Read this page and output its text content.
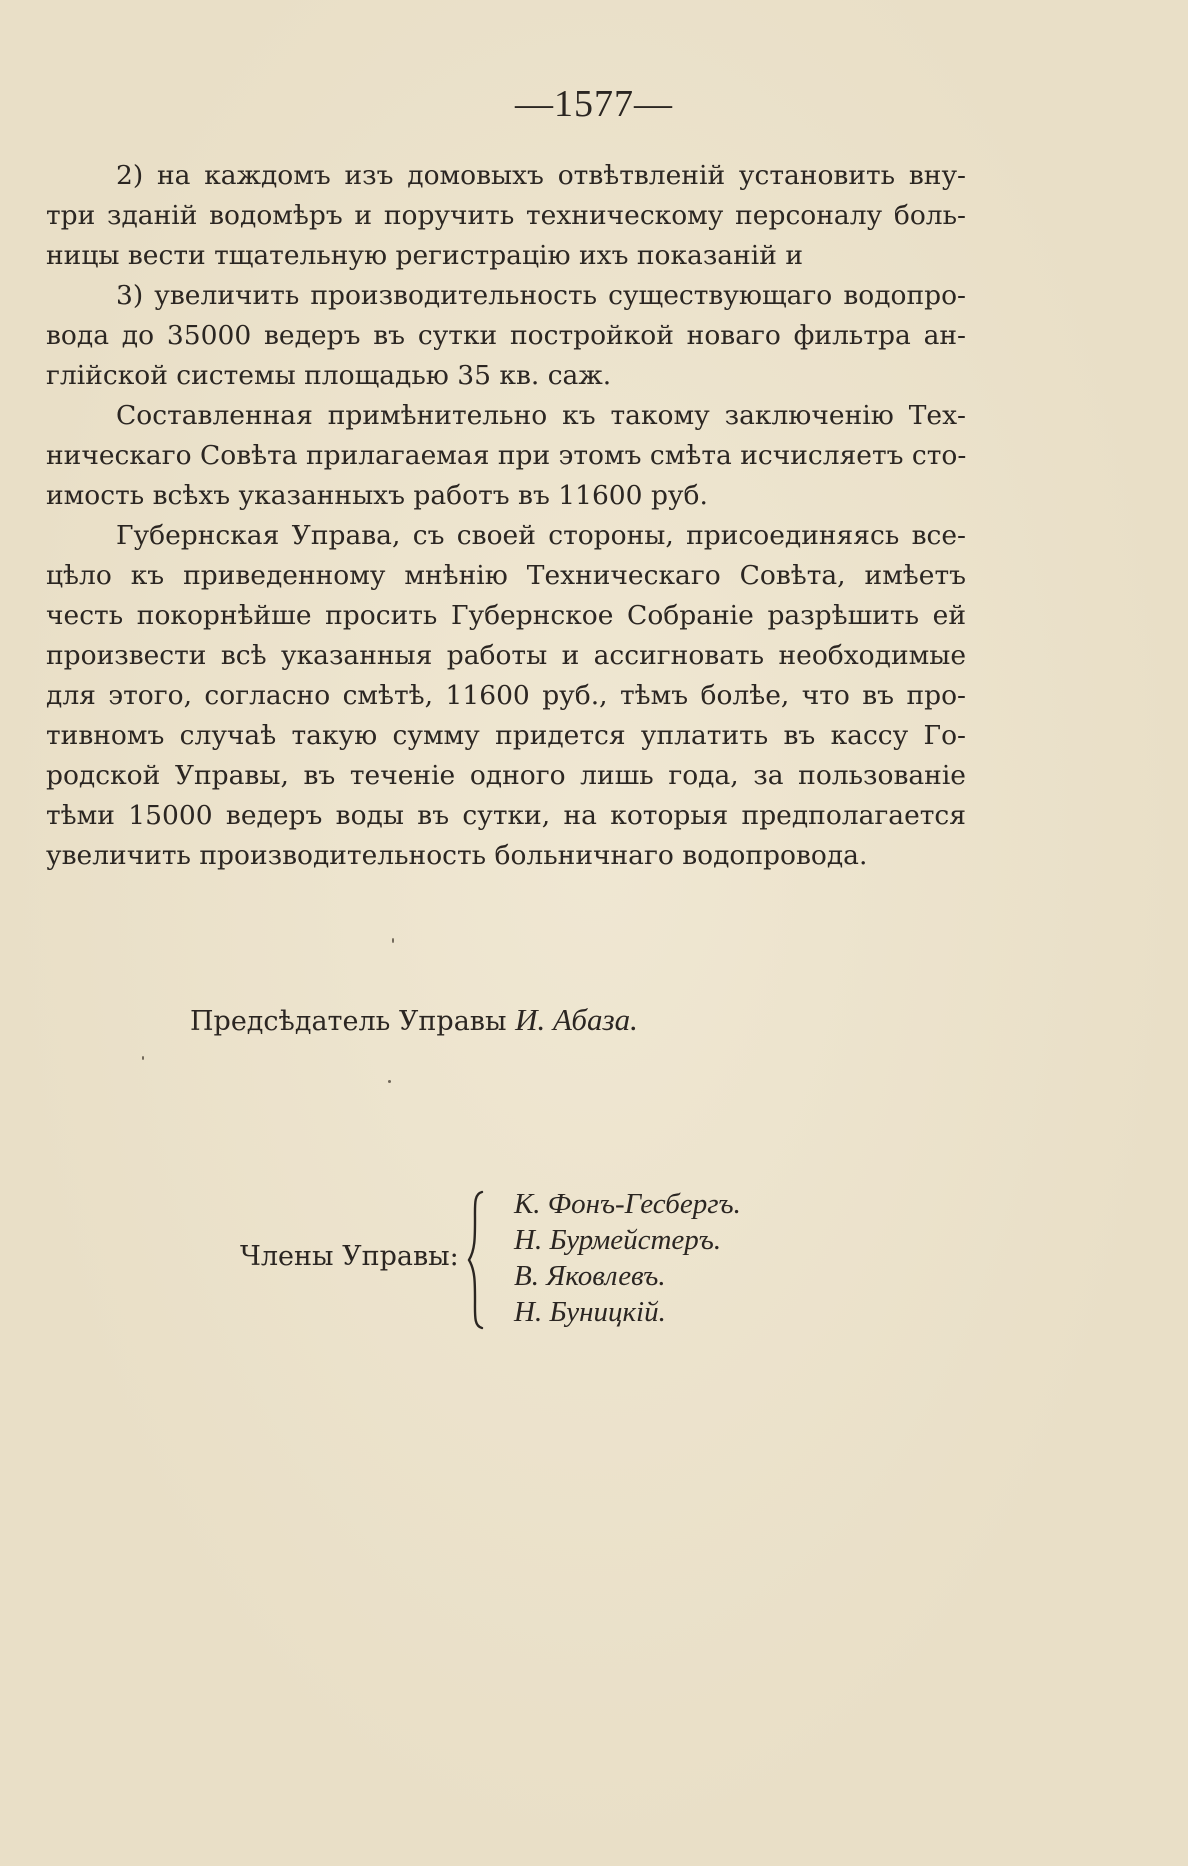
—1577—
2) на каждомъ изъ домовыхъ отвѣтвленій установить вну-
три зданій водомѣръ и поручить техническому персоналу боль-
ницы вести тщательную регистрацію ихъ показаній и
3) увеличить производительность существующаго водопро-
вода до 35000 ведеръ въ сутки постройкой новаго фильтра ан-
глійской системы площадью 35 кв. саж.
Составленная примѣнительно къ такому заключенію Тех-
ническаго Совѣта прилагаемая при этомъ смѣта исчисляетъ сто-
имость всѣхъ указанныхъ работъ въ 11600 руб.
Губернская Управа, съ своей стороны, присоединяясь все-
цѣло къ приведенному мнѣнію Техническаго Совѣта, имѣетъ
честь покорнѣйше просить Губернское Собраніе разрѣшить ей
произвести всѣ указанныя работы и ассигновать необходимые
для этого, согласно смѣтѣ, 11600 руб., тѣмъ болѣе, что въ про-
тивномъ случаѣ такую сумму придется уплатить въ кассу Го-
родской Управы, въ теченіе одного лишь года, за пользованіе
тѣми 15000 ведеръ воды въ сутки, на которыя предполагается
увеличить производительность больничнаго водопровода.
Предсѣдатель Управы И. Абаза.
Члены Управы:
К. Фонъ-Гесбергъ.
Н. Бурмейстеръ.
В. Яковлевъ.
Н. Буницкій.
